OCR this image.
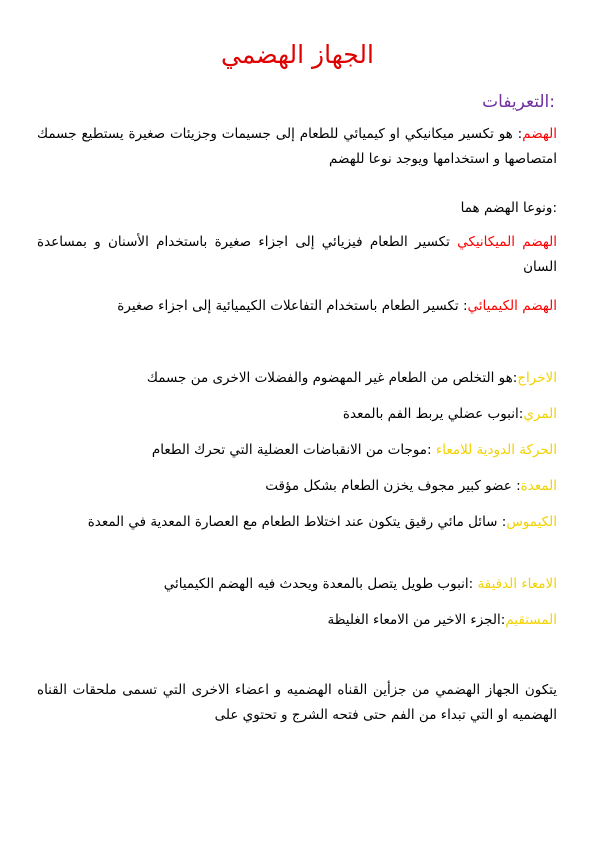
الجهاز الهضمي
:التعريفات

الهضم: هو تكسير ميكانيكي او كيميائي للطعام إلى جسيمات وجزيئات صغيرة يستطيع جسمك امتصاصها و استخدامها ويوجد نوعا للهضم

:ونوعا الهضم هما

الهضم الميكانيكي تكسير الطعام فيزيائي إلى اجزاء صغيرة باستخدام الأسنان و بمساعدة السان

الهضم الكيميائي: تكسير الطعام باستخدام التفاعلات الكيميائية إلى اجزاء صغيرة

الاخراج:هو التخلص من الطعام غير المهضوم والفضلات الاخرى من جسمك

المري:انبوب عضلي يربط الفم بالمعدة

الحركة الدودية للامعاء :موجات من الانقباضات العضلية التي تحرك الطعام

المعدة: عضو كبير مجوف يخزن الطعام بشكل مؤقت

الكيموس: سائل مائي رقيق يتكون عند اختلاط الطعام مع العصارة المعدية في المعدة

الامعاء الدقيقة :انبوب طويل يتصل بالمعدة ويحدث فيه الهضم الكيميائي

المستقيم:الجزء الاخير من الامعاء الغليظة

يتكون الجهاز الهضمي من جزأين القناه الهضميه و اعضاء الاخرى التي تسمى ملحقات القناه الهضميه او التي تبداء من الفم حتى فتحه الشرج و تحتوي على
